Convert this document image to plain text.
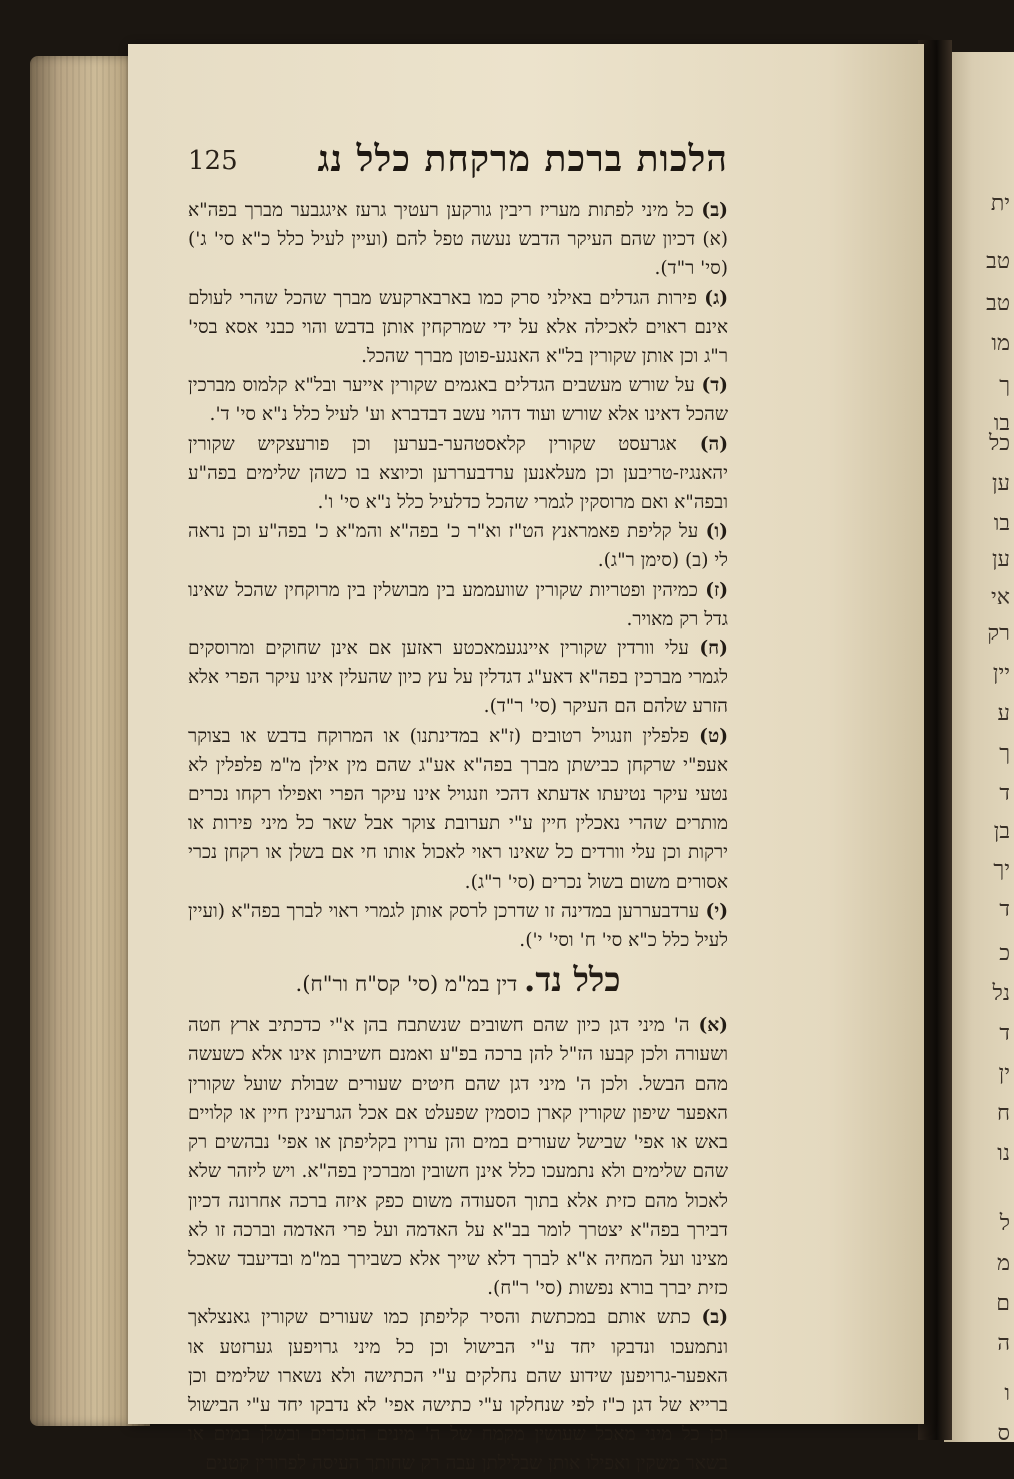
ית
טב
טב
מו
ך
בו
כל
ען
בו
ען
אי
רק
יין
ע
ך
ד
בן
יך
ד
כ
נל
ד
ין
ח
נו
ל
מ
ם
ה
ו
ס
125 הלכות ברכת מרקחת כלל נג

(ב) כל מיני לפתות מעריז ריבין גורקען רעטיך גרעז איגגבער מברך בפה"א (א) דכיון שהם העיקר הדבש נעשה טפל להם (ועיין לעיל כלל כ"א סי' ג') (סי' ר"ד).

(ג) פירות הגדלים באילני סרק כמו בארבארקעש מברך שהכל שהרי לעולם אינם ראוים לאכילה אלא על ידי שמרקחין אותן בדבש והוי כבני אסא בסי' ר"ג וכן אותן שקורין בל"א האנגע-פוטן מברך שהכל.

(ד) על שורש מעשבים הגדלים באגמים שקורין אייער ובל"א קלמוס מברכין שהכל דאינו אלא שורש ועוד דהוי עשב דבדברא וע' לעיל כלל נ"א סי' ד'.

(ה) אגרעסט שקורין קלאסטהער-בערען וכן פורעצקיש שקורין יהאנגיז-טריבען וכן מעלאנען ערדבעררען וכיוצא בו כשהן שלימים בפה"ע ובפה"א ואם מרוסקין לגמרי שהכל כדלעיל כלל נ"א סי' ו'.

(ו) על קליפת פאמראנץ הט"ז וא"ר כ' בפה"א והמ"א כ' בפה"ע וכן נראה לי (ב) (סימן ר"ג).

(ז) כמיהין ופטריות שקורין שוועממע בין מבושלין בין מרוקחין שהכל שאינו גדל רק מאויר.

(ח) עלי וורדין שקורין איינגעמאכטע ראזען אם אינן שחוקים ומרוסקים לגמרי מברכין בפה"א דאע"ג דגדלין על עץ כיון שהעלין אינו עיקר הפרי אלא הזרע שלהם הם העיקר (סי' ר"ד).

(ט) פלפלין וזנגויל רטובים (ז"א במדינתנו) או המרוקח בדבש או בצוקר אעפ"י שרקחן כבישתן מברך בפה"א אע"ג שהם מין אילן מ"מ פלפלין לא נטעי עיקר נטיעתו אדעתא דהכי וזנגויל אינו עיקר הפרי ואפילו רקחו נכרים מותרים שהרי נאכלין חיין ע"י תערובת צוקר אבל שאר כל מיני פירות או ירקות וכן עלי וורדים כל שאינו ראוי לאכול אותו חי אם בשלן או רקחן נכרי אסורים משום בשול נכרים (סי' ר"ג).

(י) ערדבעררען במדינה זו שדרכן לרסק אותן לגמרי ראוי לברך בפה"א (ועיין לעיל כלל כ"א סי' ח' וסי' י').

כלל נד. דין במ"מ (סי' קס"ח ור"ח).

(א) ה' מיני דגן כיון שהם חשובים שנשתבח בהן א"י כדכתיב ארץ חטה ושעורה ולכן קבעו הז"ל להן ברכה בפ"ע ואמנם חשיבותן אינו אלא כשעשה מהם הבשל. ולכן ה' מיני דגן שהם חיטים שעורים שבולת שועל שקורין האפער שיפון שקורין קארן כוסמין שפעלט אם אכל הגרעינין חיין או קלויים באש או אפי' שבישל שעורים במים והן ערוין בקליפתן או אפי' נבהשים רק שהם שלימים ולא נתמעכו כלל אינן חשובין ומברכין בפה"א. ויש ליזהר שלא לאכול מהם כזית אלא בתוך הסעודה משום כפק איזה ברכה אחרונה דכיון דבירך בפה"א יצטרך לומר בב"א על האדמה ועל פרי האדמה וברכה זו לא מצינו ועל המחיה א"א לברך דלא שייך אלא כשבירך במ"מ ובדיעבד שאכל כזית יברך בורא נפשות (סי' ר"ח).

(ב) כתש אותם במכתשת והסיר קליפתן כמו שעורים שקורין גאנצלאך ונתמעכו ונדבקו יחד ע"י הבישול וכן כל מיני גרויפען גערזטע או האפער-גרויפען שידוע שהם נחלקים ע"י הכתישה ולא נשארו שלימים וכן ברייא של דגן כ"ז לפי שנחלקו ע"י כתישה אפי' לא נדבקו יחד ע"י הבישול וכן כל מיני מאכל שעושין מקמח של ה' מינים הנזכרים ובשלן במים או בשאר משקין ואפילו אותן שבלילתן עבה רק שחותך העיסה לפרורין קטנים
